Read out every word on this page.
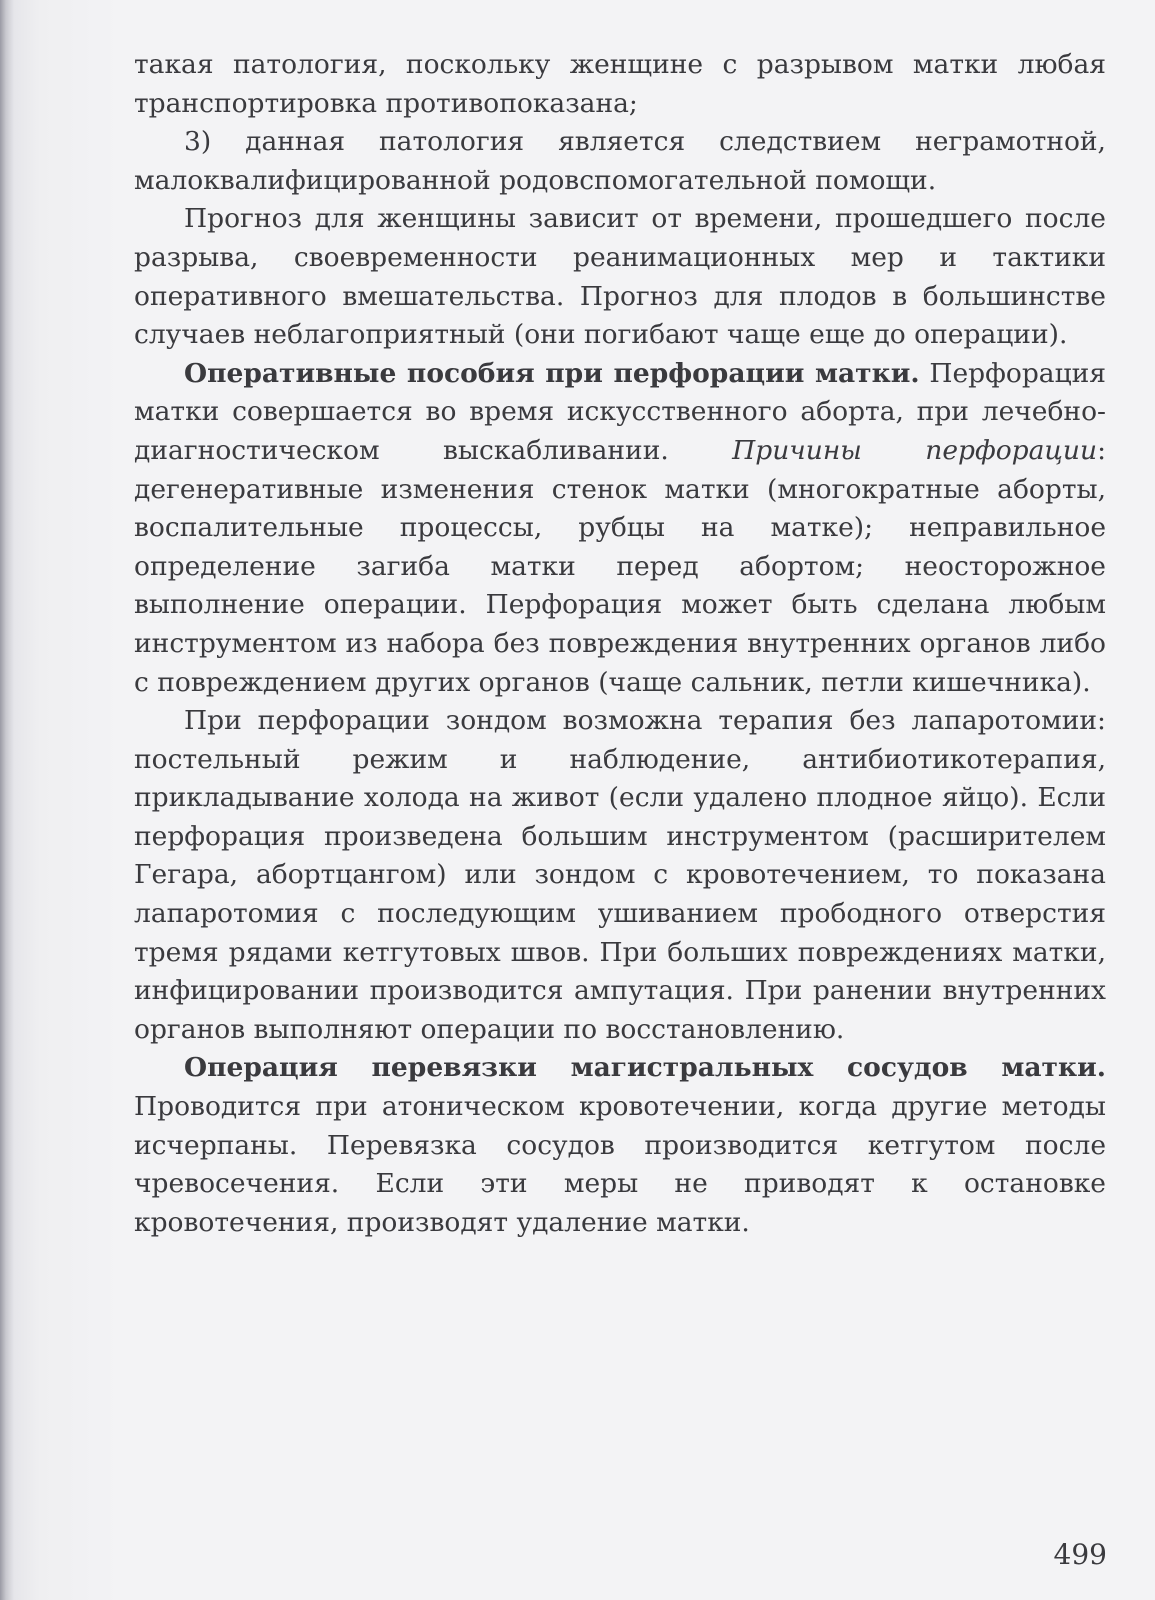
такая патология, поскольку женщине с разрывом матки любая транспортировка противопоказана;

3) данная патология является следствием неграмотной, малоквалифицированной родовспомогательной помощи.

Прогноз для женщины зависит от времени, прошедшего после разрыва, своевременности реанимационных мер и тактики оперативного вмешательства. Прогноз для плодов в большинстве случаев неблагоприятный (они погибают чаще еще до операции).

Оперативные пособия при перфорации матки. Перфорация матки совершается во время искусственного аборта, при лечебно-диагностическом выскабливании. Причины перфорации: дегенеративные изменения стенок матки (многократные аборты, воспалительные процессы, рубцы на матке); неправильное определение загиба матки перед абортом; неосторожное выполнение операции. Перфорация может быть сделана любым инструментом из набора без повреждения внутренних органов либо с повреждением других органов (чаще сальник, петли кишечника).

При перфорации зондом возможна терапия без лапаротомии: постельный режим и наблюдение, антибиотикотерапия, прикладывание холода на живот (если удалено плодное яйцо). Если перфорация произведена большим инструментом (расширителем Гегара, абортцангом) или зондом с кровотечением, то показана лапаротомия с последующим ушиванием прободного отверстия тремя рядами кетгутовых швов. При больших повреждениях матки, инфицировании производится ампутация. При ранении внутренних органов выполняют операции по восстановлению.

Операция перевязки магистральных сосудов матки. Проводится при атоническом кровотечении, когда другие методы исчерпаны. Перевязка сосудов производится кетгутом после чревосечения. Если эти меры не приводят к остановке кровотечения, производят удаление матки.

499
